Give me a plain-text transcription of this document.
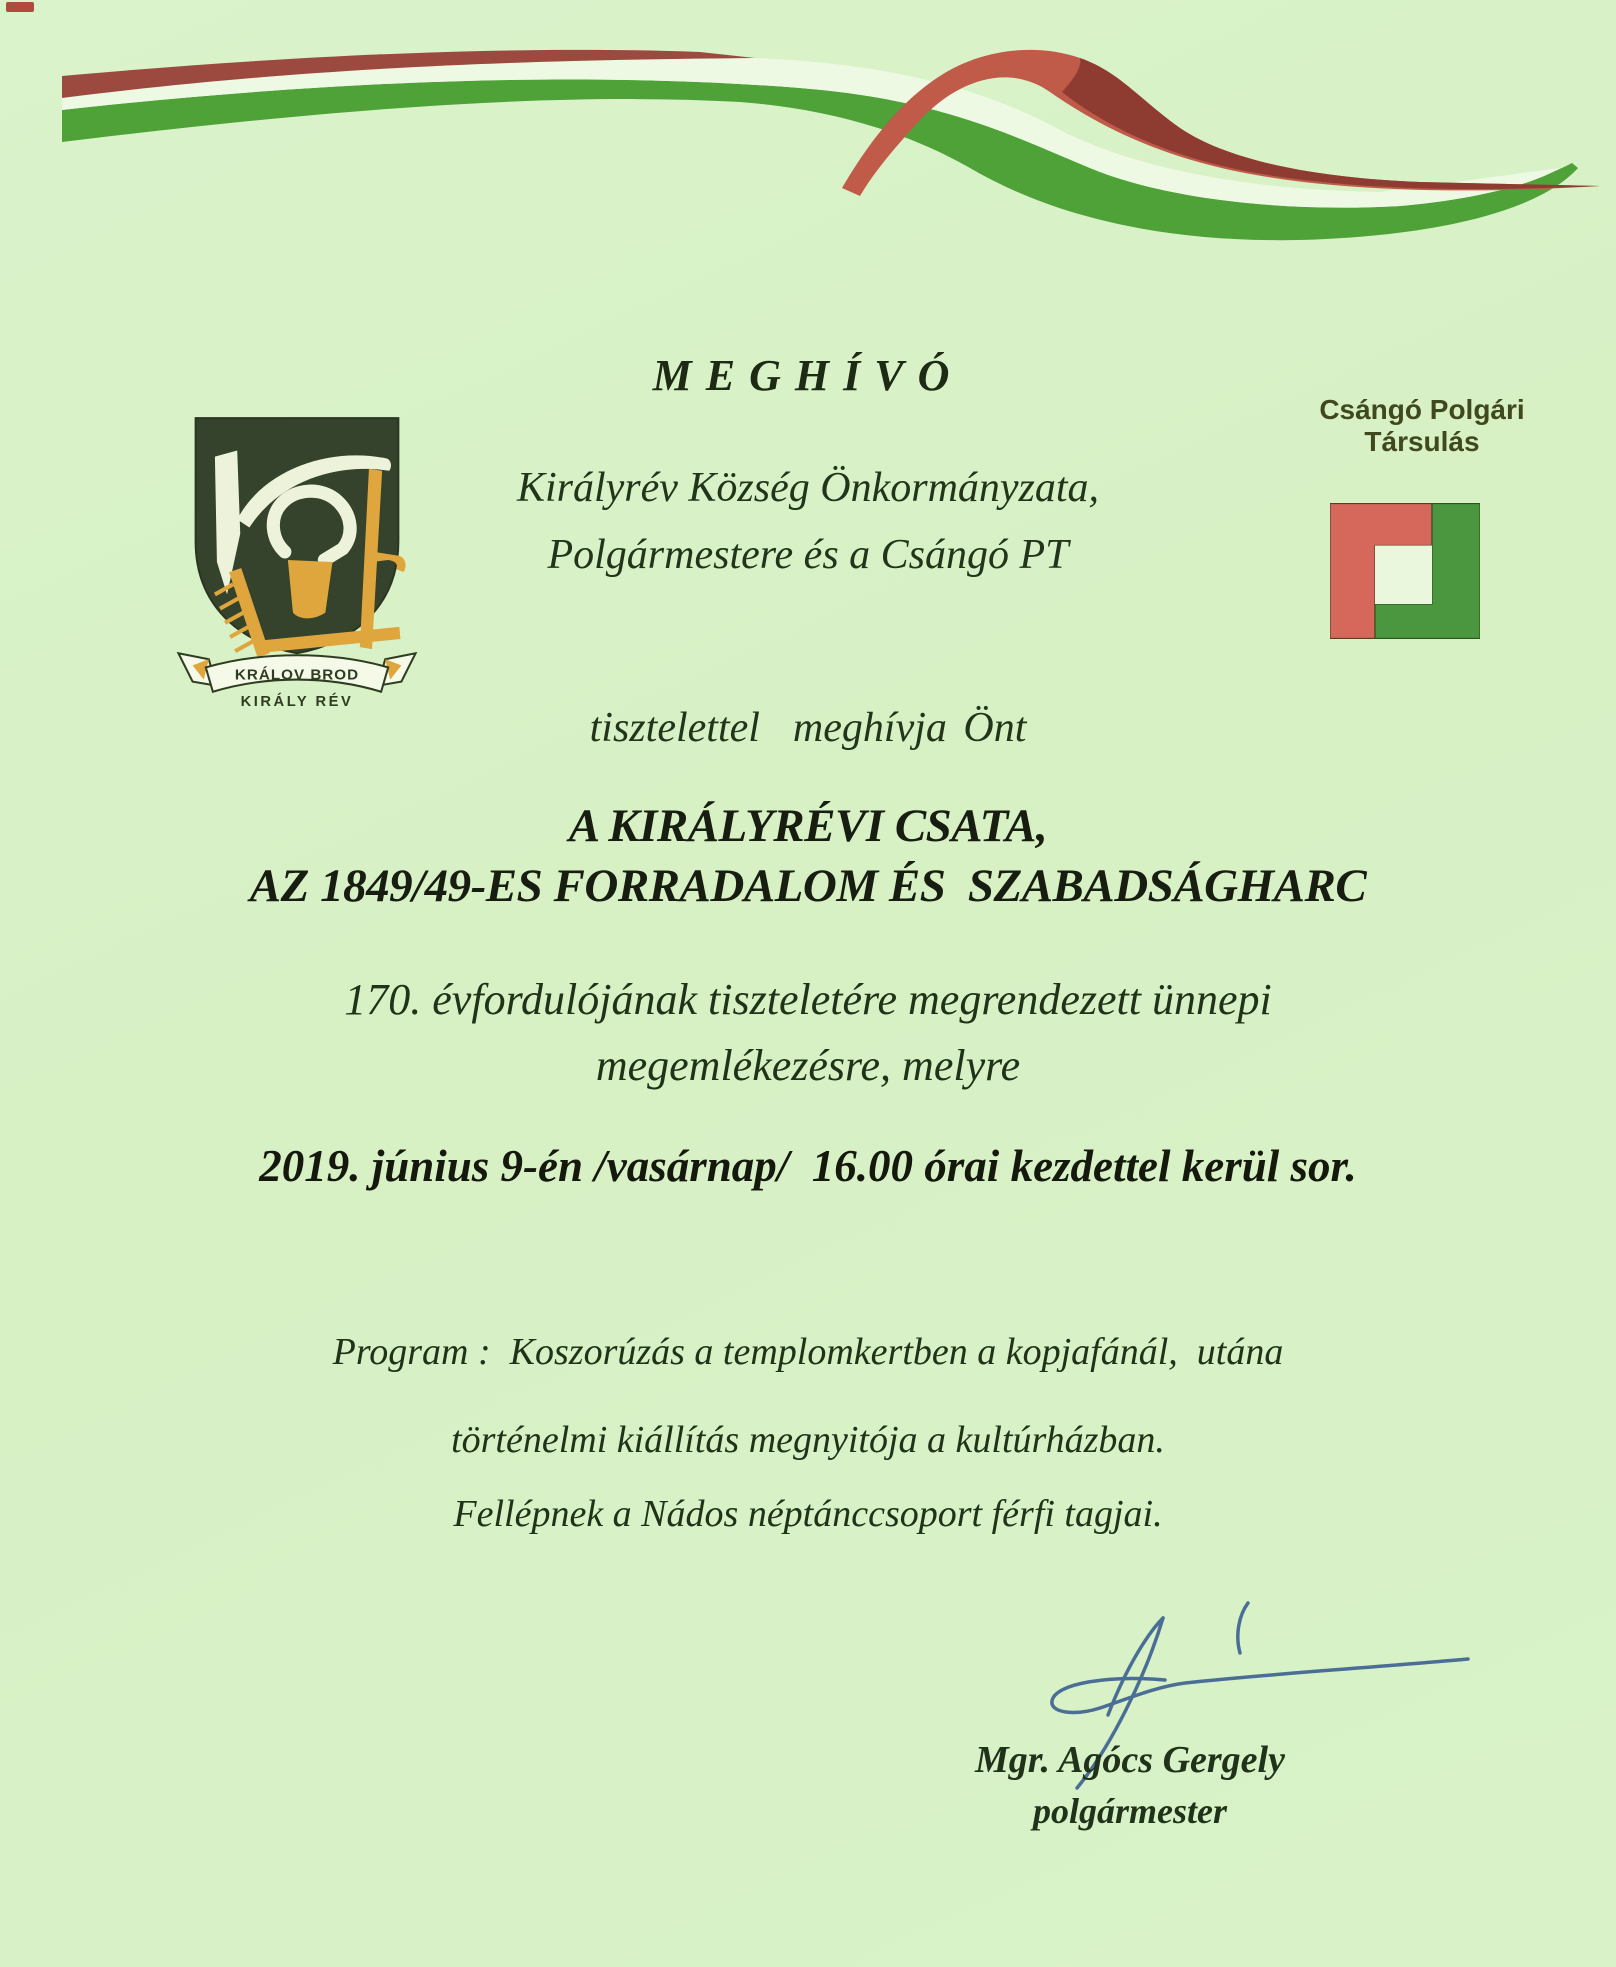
MEGHÍVÓ
KRÁLOV BROD
KIRÁLY RÉV
Csángó Polgári
Társulás
Királyrév Község Önkormányzata,
Polgármestere és a Csángó PT
tisztelettel  meghívja Önt
A KIRÁLYRÉVI CSATA,
AZ 1849/49-ES FORRADALOM ÉS  SZABADSÁGHARC
170. évfordulójának tiszteletére megrendezett ünnepi
megemlékezésre, melyre
2019. június 9-én /vasárnap/  16.00 órai kezdettel kerül sor.
Program :  Koszorúzás a templomkertben a kopjafánál,  utána
történelmi kiállítás megnyitója a kultúrházban.
Fellépnek a Nádos néptánccsoport férfi tagjai.
Mgr. Agócs Gergely
polgármester
